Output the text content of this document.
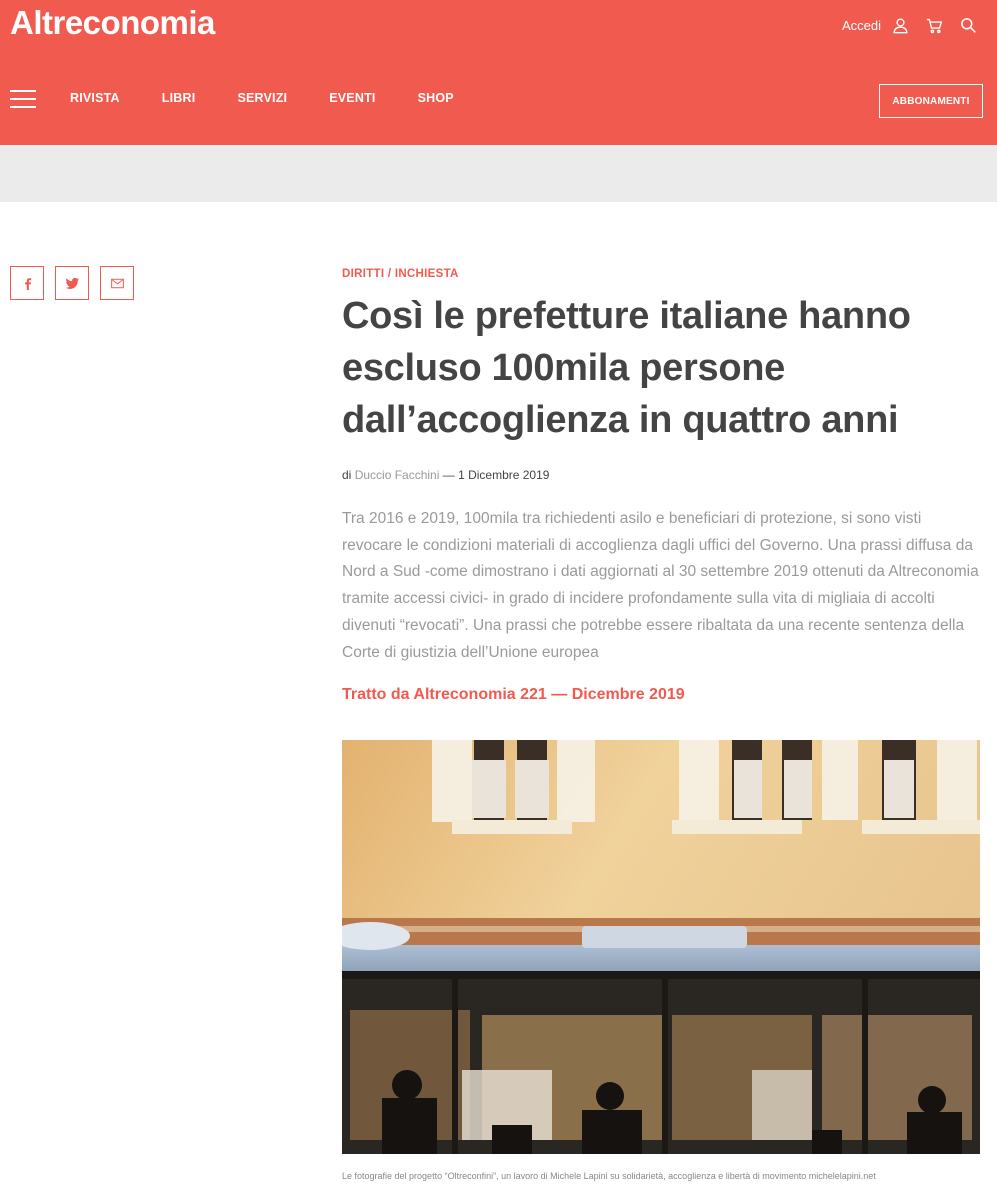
Altreconomia	Accedi
RIVISTA	LIBRI	SERVIZI	EVENTI	SHOP	ABBONAMENTI
DIRITTI / INCHIESTA
Così le prefetture italiane hanno escluso 100mila persone dall’accoglienza in quattro anni
di Duccio Facchini — 1 Dicembre 2019

Tra 2016 e 2019, 100mila tra richiedenti asilo e beneficiari di protezione, si sono visti revocare le condizioni materiali di accoglienza dagli uffici del Governo. Una prassi diffusa da Nord a Sud -come dimostrano i dati aggiornati al 30 settembre 2019 ottenuti da Altreconomia tramite accessi civici- in grado di incidere profondamente sulla vita di migliaia di accolti divenuti “revocati”. Una prassi che potrebbe essere ribaltata da una recente sentenza della Corte di giustizia dell’Unione europea

Tratto da Altreconomia 221 — Dicembre 2019
Le fotografie del progetto “Oltreconfini”, un lavoro di Michele Lapini su solidarietà, accoglienza e libertà di movimento michelelapini.net
